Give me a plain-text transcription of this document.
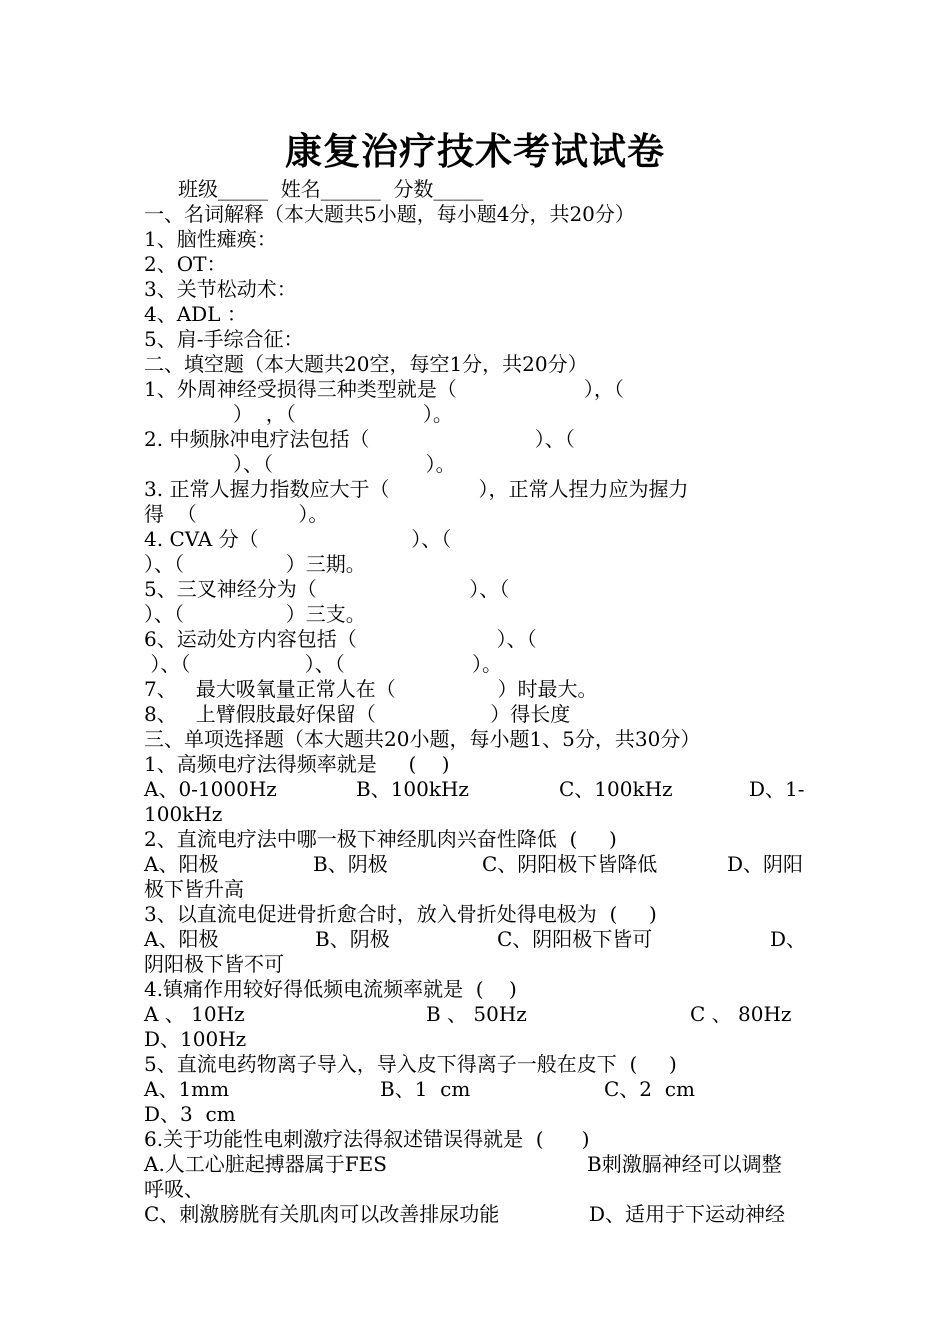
康复治疗技术考试试卷
班级_____  姓名______  分数_____
一、名词解释（本大题共5小题，每小题4分，共20分）
1、脑性瘫痪：
2、OT：
3、关节松动术：
4、ADL ：
5、肩-手综合征：
二、填空题（本大题共20空，每空1分，共20分）
1、外周神经受损得三种类型就是（                    ），（
）  ，（                    ）。
2. 中频脉冲电疗法包括（                          ）、（
）、（                        ）。
3. 正常人握力指数应大于（              ），正常人捏力应为握力
得  （                ）。
4. CVA 分（                        ）、（
）、（                ）三期。
5、三叉神经分为（                        ）、（
）、（                ）三支。
6、运动处方内容包括（                      ）、（
）、（                  ）、（                    ）。
7、   最大吸氧量正常人在（                ）时最大。
8、   上臂假肢最好保留（                  ）得长度
三、单项选择题（本大题共20小题，每小题1、5分，共30分）
1、高频电疗法得频率就是     (    )
A、0-1000Hz	B、100kHz	C、100kHz	D、1-
100kHz
2、直流电疗法中哪一极下神经肌肉兴奋性降低  (     )
A、阳极	B、阴极	C、阴阳极下皆降低	D、阴阳
极下皆升高
3、以直流电促进骨折愈合时，放入骨折处得电极为  (     )
A、阳极	B、阴极	C、阴阳极下皆可	D、
阴阳极下皆不可
4.镇痛作用较好得低频电流频率就是  (    )
A 、 10Hz	B 、 50Hz	C 、 80Hz
D、100Hz
5、直流电药物离子导入，导入皮下得离子一般在皮下  (     )
A、1mm	B、1  cm	C、2  cm
D、3  cm
6.关于功能性电刺激疗法得叙述错误得就是  (      )
A.人工心脏起搏器属于FES	B刺激膈神经可以调整
呼吸、
C、刺激膀胱有关肌肉可以改善排尿功能	D、适用于下运动神经
